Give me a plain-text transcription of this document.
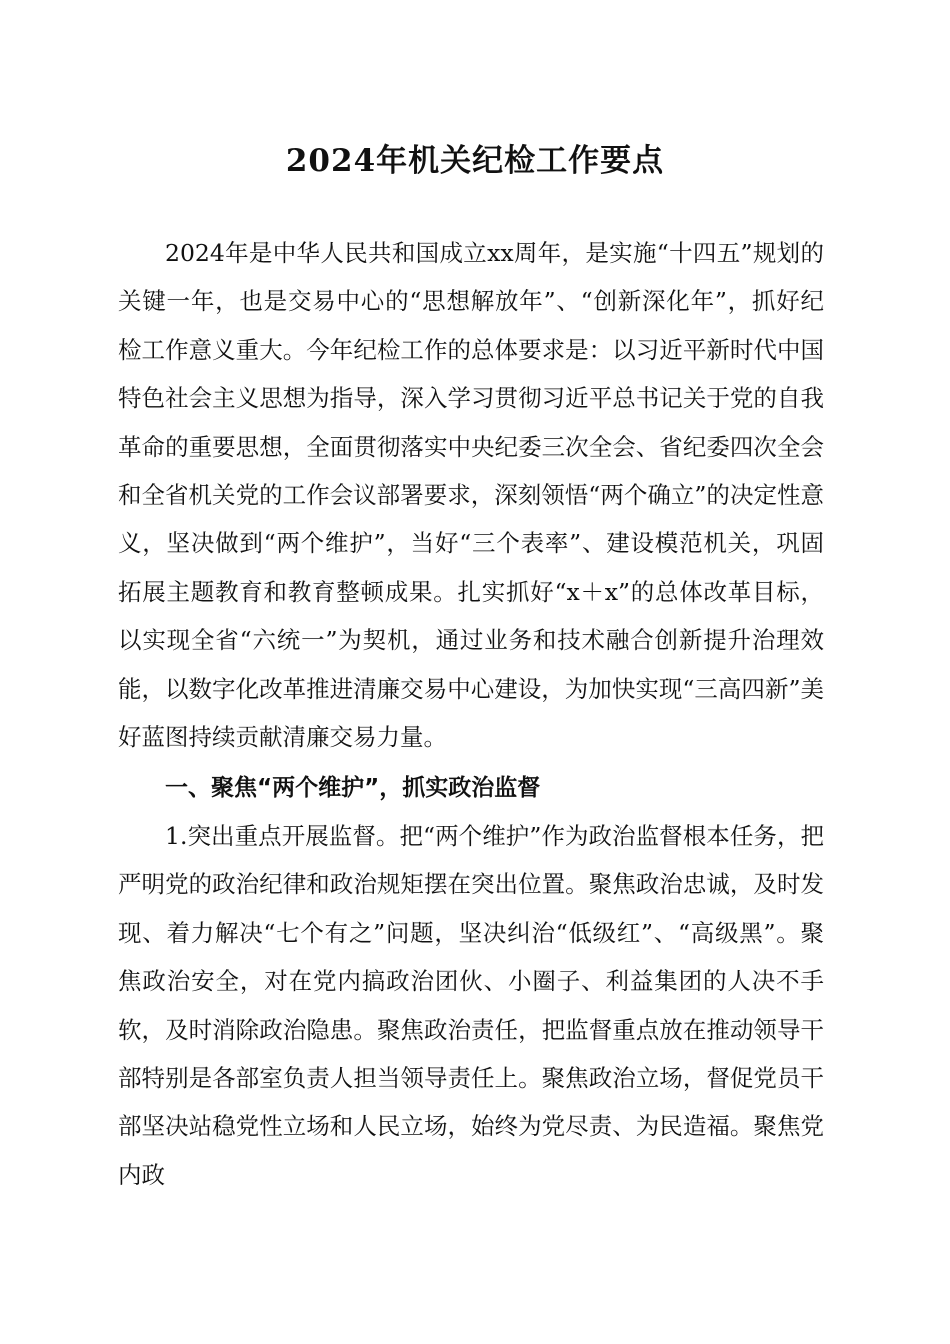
2024年机关纪检工作要点

2024年是中华人民共和国成立xx周年，是实施“十四五”规划的关键一年，也是交易中心的“思想解放年”、“创新深化年”，抓好纪检工作意义重大。今年纪检工作的总体要求是：以习近平新时代中国特色社会主义思想为指导，深入学习贯彻习近平总书记关于党的自我革命的重要思想，全面贯彻落实中央纪委三次全会、省纪委四次全会和全省机关党的工作会议部署要求，深刻领悟“两个确立”的决定性意义，坚决做到“两个维护”，当好“三个表率”、建设模范机关，巩固拓展主题教育和教育整顿成果。扎实抓好“x＋x”的总体改革目标，以实现全省“六统一”为契机，通过业务和技术融合创新提升治理效能，以数字化改革推进清廉交易中心建设，为加快实现“三高四新”美好蓝图持续贡献清廉交易力量。

一、聚焦“两个维护”，抓实政治监督

1.突出重点开展监督。把“两个维护”作为政治监督根本任务，把严明党的政治纪律和政治规矩摆在突出位置。聚焦政治忠诚，及时发现、着力解决“七个有之”问题，坚决纠治“低级红”、“高级黑”。聚焦政治安全，对在党内搞政治团伙、小圈子、利益集团的人决不手软，及时消除政治隐患。聚焦政治责任，把监督重点放在推动领导干部特别是各部室负责人担当领导责任上。聚焦政治立场，督促党员干部坚决站稳党性立场和人民立场，始终为党尽责、为民造福。聚焦党内政
